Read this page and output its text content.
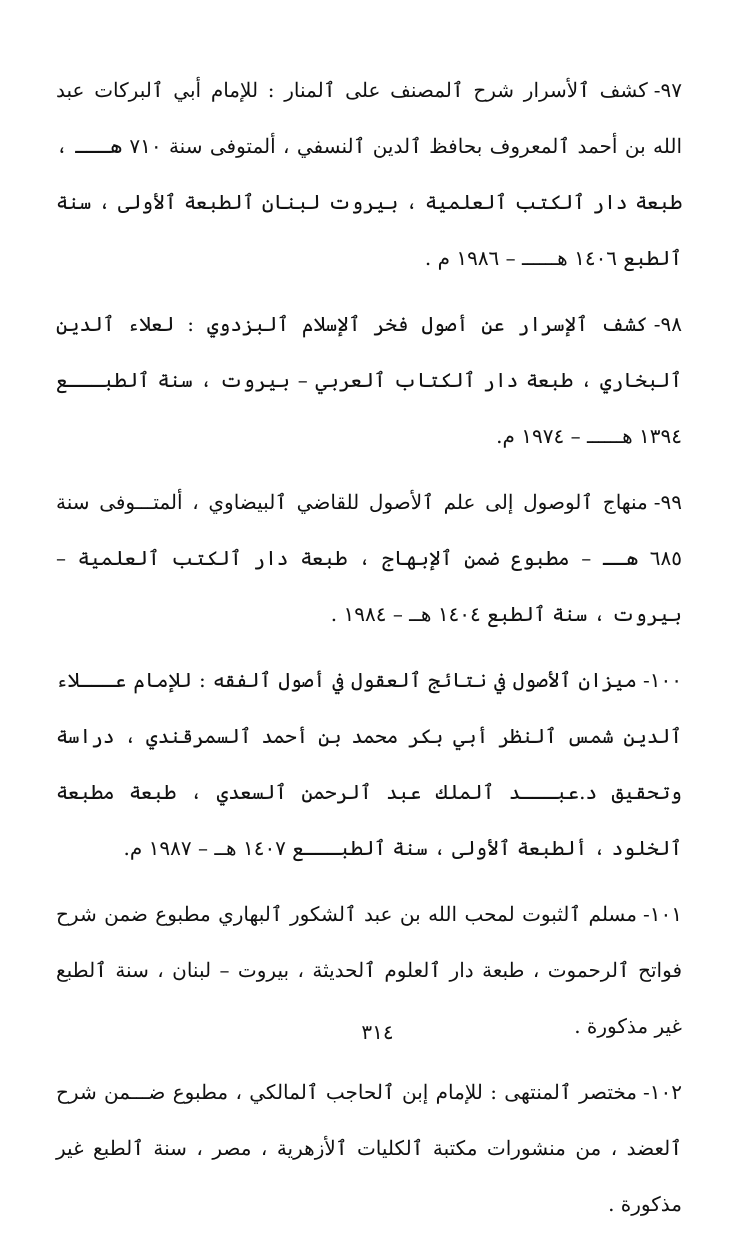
٩٧-كشف ٱلأسرار شرح ٱلمصنف على ٱلمنار : للإمام أبي ٱلبركات عبد الله بن أحمد ٱلمعروف بحافظ ٱلدين ٱلنسفي ، ألمتوفى سنة ٧١٠ هـــ ، طبعة دار ٱلكتب ٱلعلمية ، بيروت لبنان ٱلطبعة ٱلأولى ، سنة ٱلطبع ١٤٠٦ هــــــ – ١٩٨٦ م .

٩٨-كشف ٱلإسرار عن أصول فخر ٱلإسلام ٱلبزدوي : لعلاء ٱلدين ٱلبخاري ، طبعة دار ٱلكتاب ٱلعربي – بيروت ، سنة ٱلطبـــع ١٣٩٤ هــــــ – ١٩٧٤ م.

٩٩-منهاج ٱلوصول إلى علم ٱلأصول للقاضي ٱلبيضاوي ، ألمتـــوفى سنة ٦٨٥ هــ – مطبوع ضمن ٱلإبهاج ، طبعة دار ٱلكتب ٱلعلمية – بيروت ، سنة ٱلطبع ١٤٠٤ هــ – ١٩٨٤ .

١٠٠-ميزان ٱلأصول في نتائج ٱلعقول في أصول ٱلفقه : للإمام عـــلاء ٱلدين شمس ٱلنظر أبي بكر محمد بن أحمد ٱلسمرقندي ، دراسة وتحقيق د.عبـــد ٱلملك عبد ٱلرحمن ٱلسعدي ، طبعة مطبعة ٱلخلود ، ألطبعة ٱلأولى ، سنة ٱلطبـــع ١٤٠٧ هــ – ١٩٨٧ م.

١٠١-مسلم ٱلثبوت لمحب الله بن عبد ٱلشكور ٱلبهاري مطبوع ضمن شرح فواتح ٱلرحموت ، طبعة دار ٱلعلوم ٱلحديثة ، بيروت – لبنان ، سنة ٱلطبع غير مذكورة .

١٠٢-مختصر ٱلمنتهى : للإمام إبن ٱلحاجب ٱلمالكي ، مطبوع ضـــمن شرح ٱلعضد ، من منشورات مكتبة ٱلكليات ٱلأزهرية ، مصر ، سنة ٱلطبع غير مذكورة .

٣١٤
